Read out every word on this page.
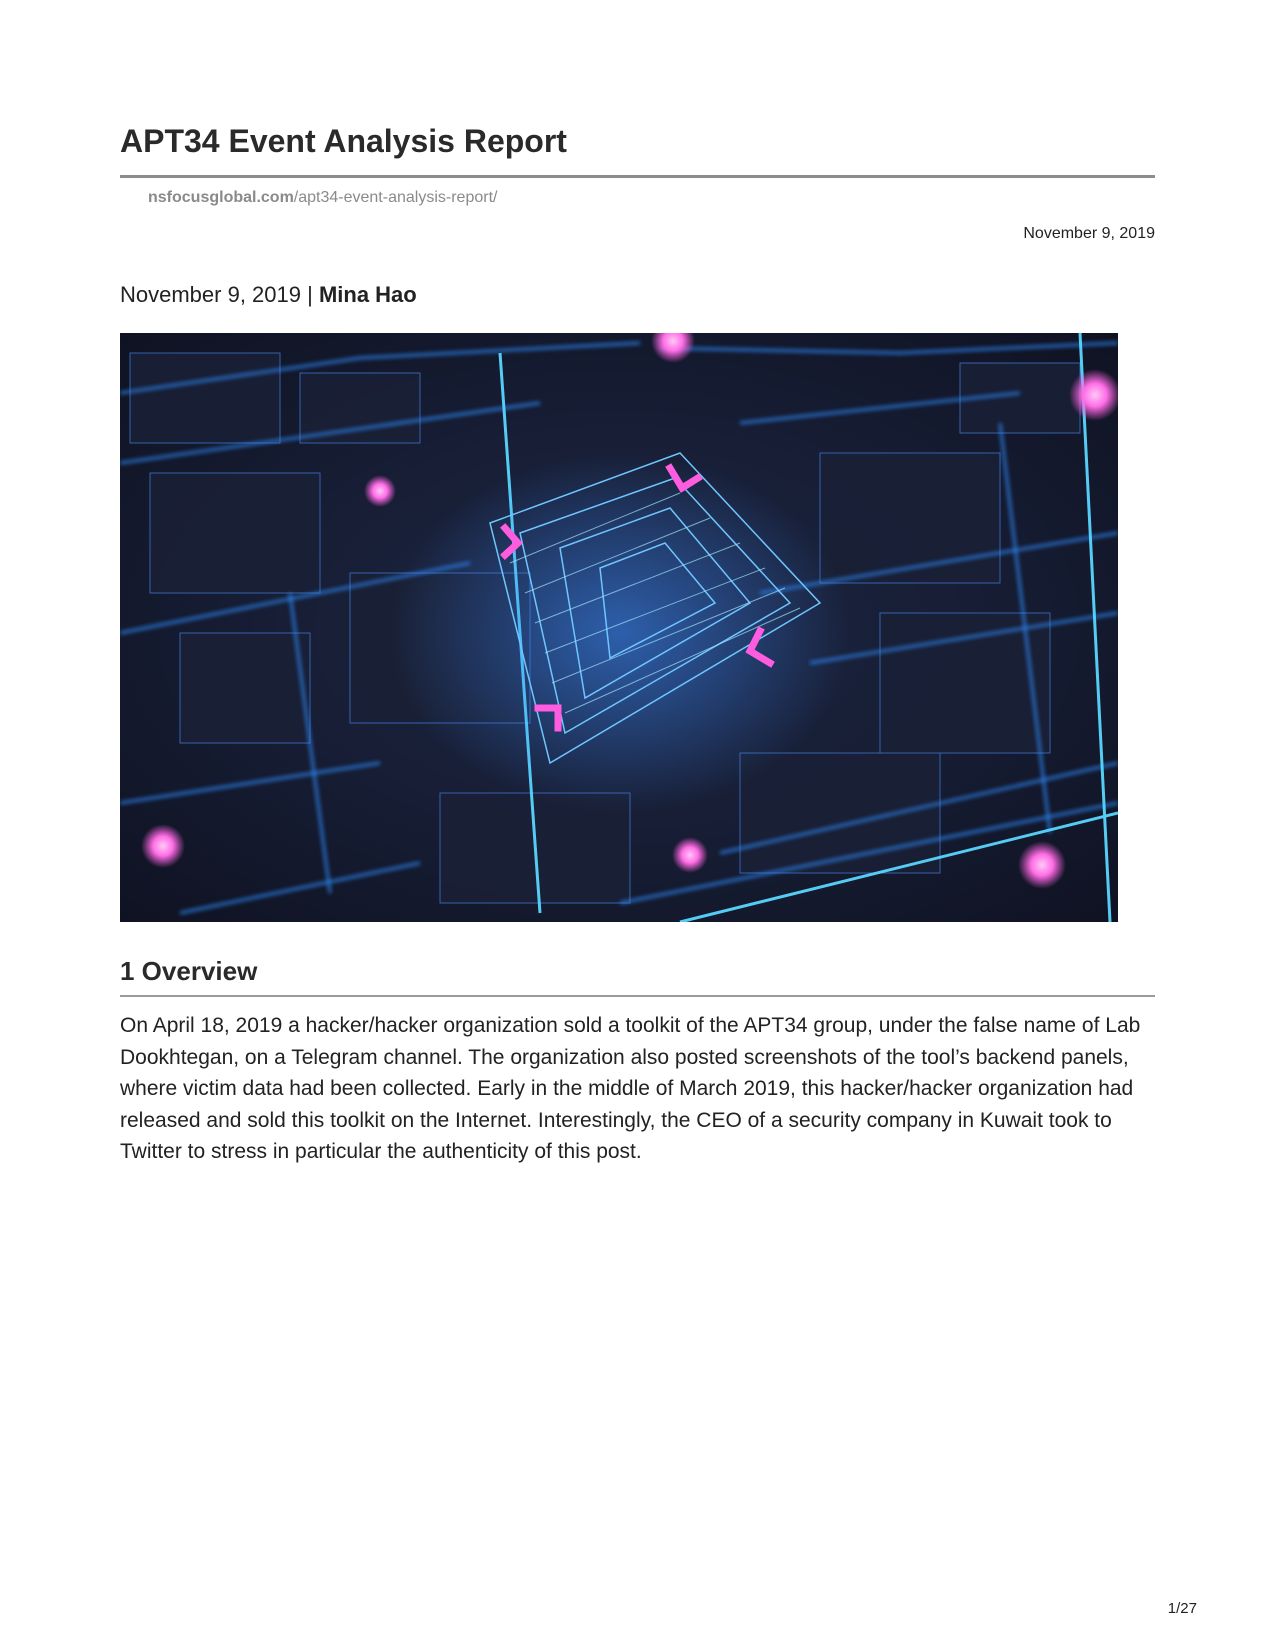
APT34 Event Analysis Report
nsfocusglobal.com/apt34-event-analysis-report/
November 9, 2019
November 9, 2019 | Mina Hao
1 Overview

On April 18, 2019 a hacker/hacker organization sold a toolkit of the APT34 group, under the false name of Lab Dookhtegan, on a Telegram channel. The organization also posted screenshots of the tool’s backend panels, where victim data had been collected. Early in the middle of March 2019, this hacker/hacker organization had released and sold this toolkit on the Internet. Interestingly, the CEO of a security company in Kuwait took to Twitter to stress in particular the authenticity of this post.

1/27
